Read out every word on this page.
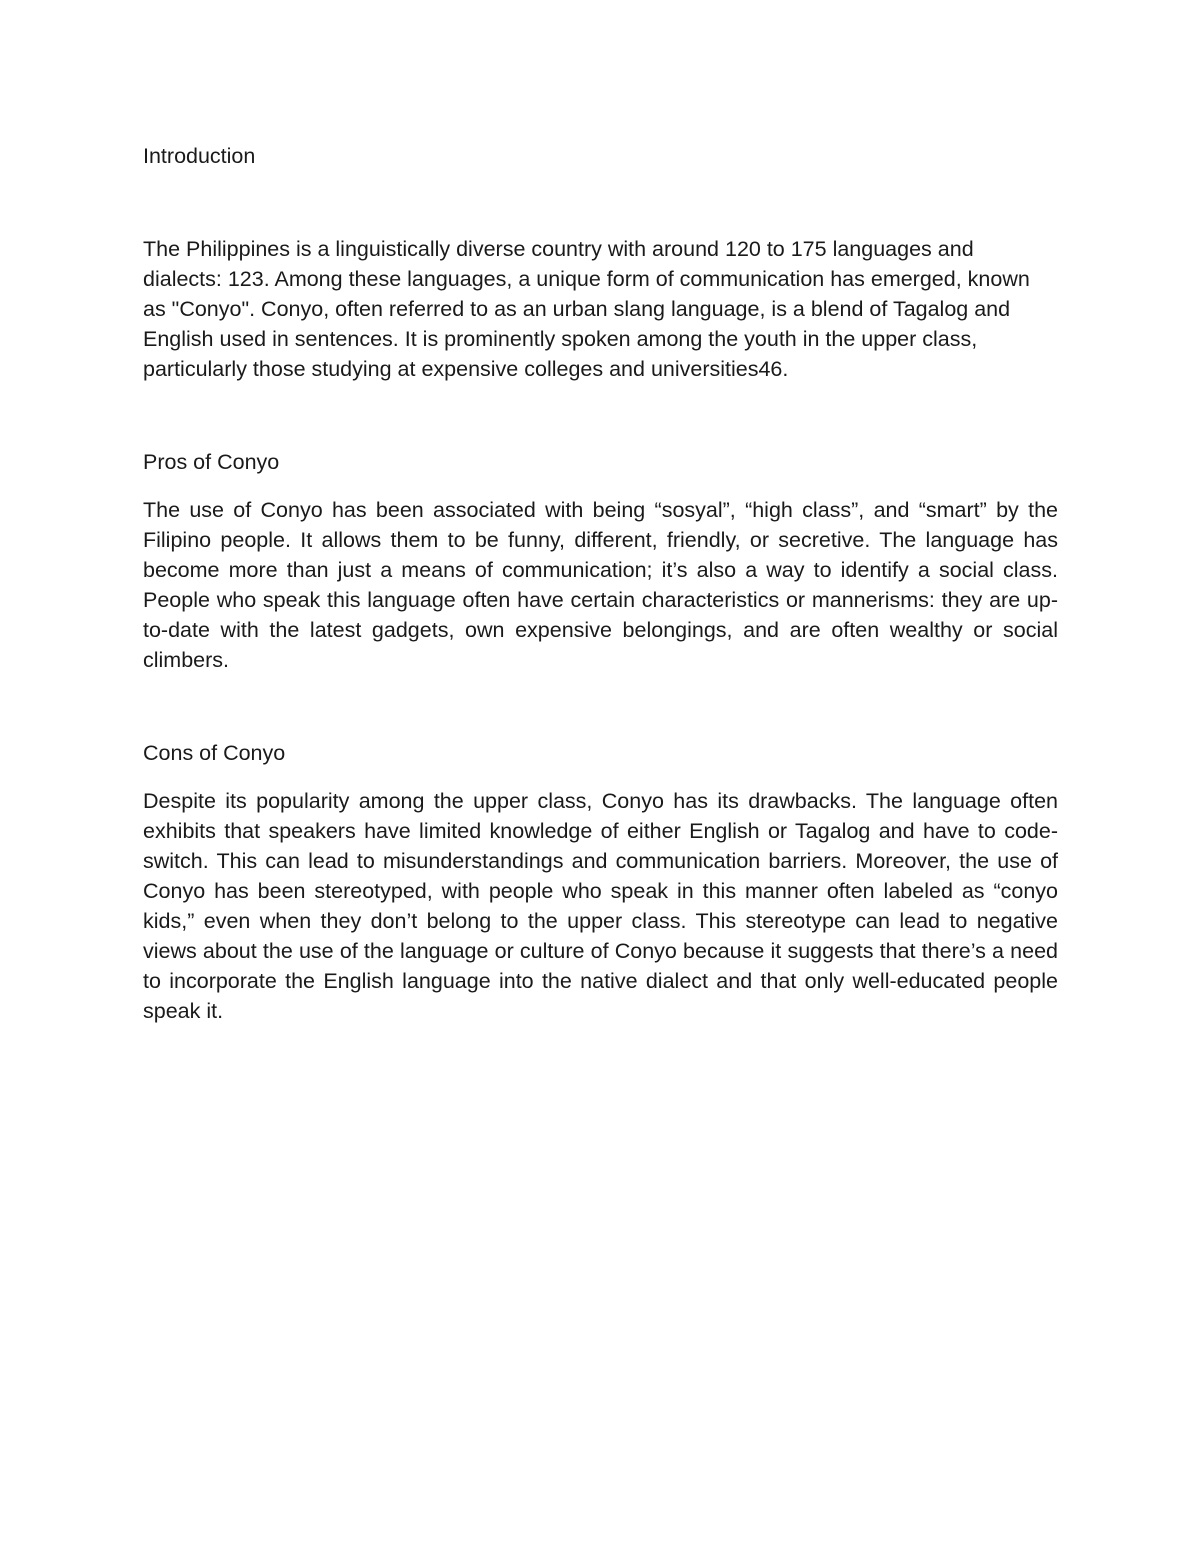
Introduction

The Philippines is a linguistically diverse country with around 120 to 175 languages and dialects: 123. Among these languages, a unique form of communication has emerged, known as "Conyo". Conyo, often referred to as an urban slang language, is a blend of Tagalog and English used in sentences. It is prominently spoken among the youth in the upper class, particularly those studying at expensive colleges and universities46.

Pros of Conyo

The use of Conyo has been associated with being “sosyal”, “high class”, and “smart” by the Filipino people. It allows them to be funny, different, friendly, or secretive. The language has become more than just a means of communication; it’s also a way to identify a social class. People who speak this language often have certain characteristics or mannerisms: they are up-to-date with the latest gadgets, own expensive belongings, and are often wealthy or social climbers.

Cons of Conyo

Despite its popularity among the upper class, Conyo has its drawbacks. The language often exhibits that speakers have limited knowledge of either English or Tagalog and have to code-switch. This can lead to misunderstandings and communication barriers. Moreover, the use of Conyo has been stereotyped, with people who speak in this manner often labeled as “conyo kids,” even when they don’t belong to the upper class. This stereotype can lead to negative views about the use of the language or culture of Conyo because it suggests that there’s a need to incorporate the English language into the native dialect and that only well-educated people speak it.
